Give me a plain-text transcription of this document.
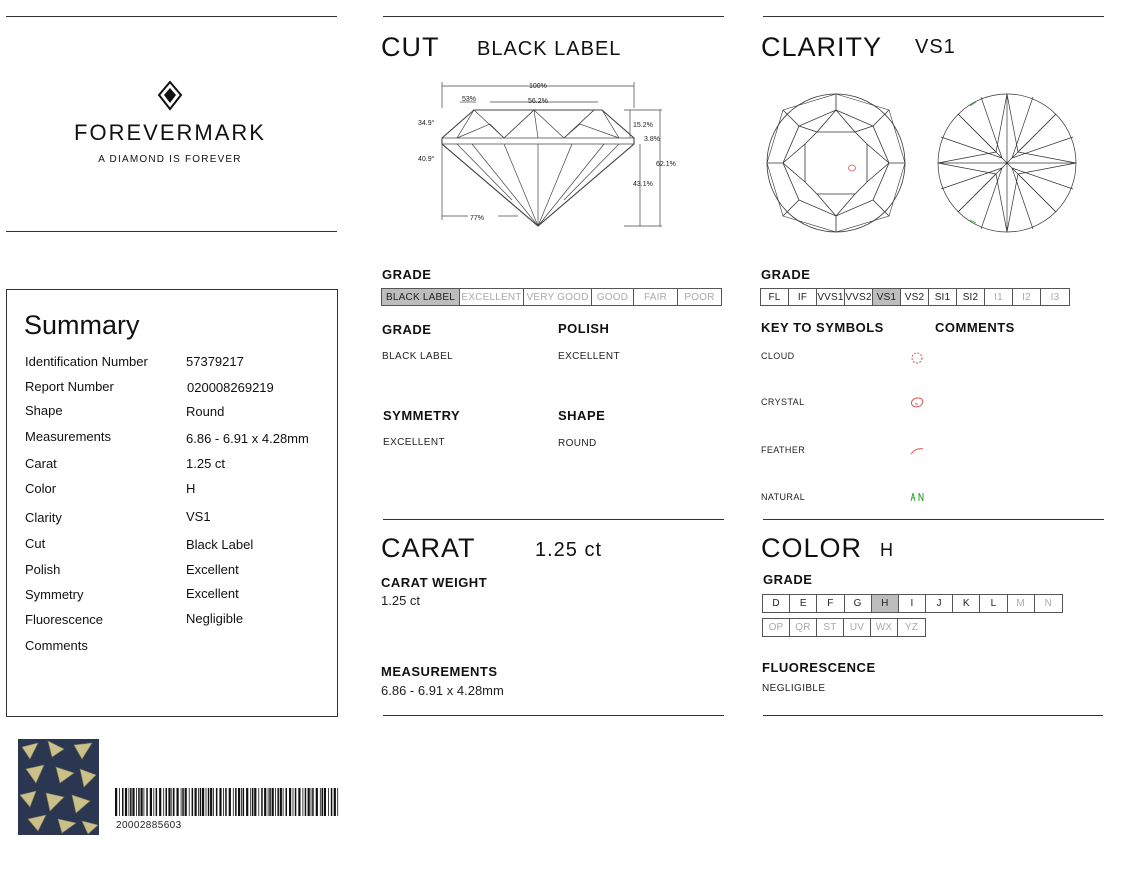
FOREVERMARK
A DIAMOND IS FOREVER
Summary
Identification Number	57379217
Report Number	020008269219
Shape	Round
Measurements	6.86 - 6.91 x 4.28mm
Carat	1.25 ct
Color	H
Clarity	VS1
Cut	Black Label
Polish	Excellent
Symmetry	Excellent
Fluorescence	Negligible
Comments
20002885603
CUT BLACK LABEL
100%
53%	56.2%
34.9°
40.9°
15.2%
3.8%
62.1%
43.1%
77%
GRADE
BLACK LABEL EXCELLENT VERY GOOD GOOD	FAIR	POOR
GRADE
BLACK LABEL
POLISH
EXCELLENT
SYMMETRY
EXCELLENT
SHAPE
ROUND
CLARITY VS1
GRADE
FL	IF	VVS1 VVS2 VS1 VS2	SI1	SI2	I1	I2	I3
KEY TO SYMBOLS	COMMENTS
CLOUD
CRYSTAL
FEATHER
NATURAL
CARAT	1.25 ct
CARAT WEIGHT
1.25 ct
MEASUREMENTS
6.86 - 6.91 x 4.28mm
COLOR H
GRADE
D	E	F	G	H	I	J	K	L	M	N
OP	QR	ST	UV	WX	YZ
FLUORESCENCE
NEGLIGIBLE
